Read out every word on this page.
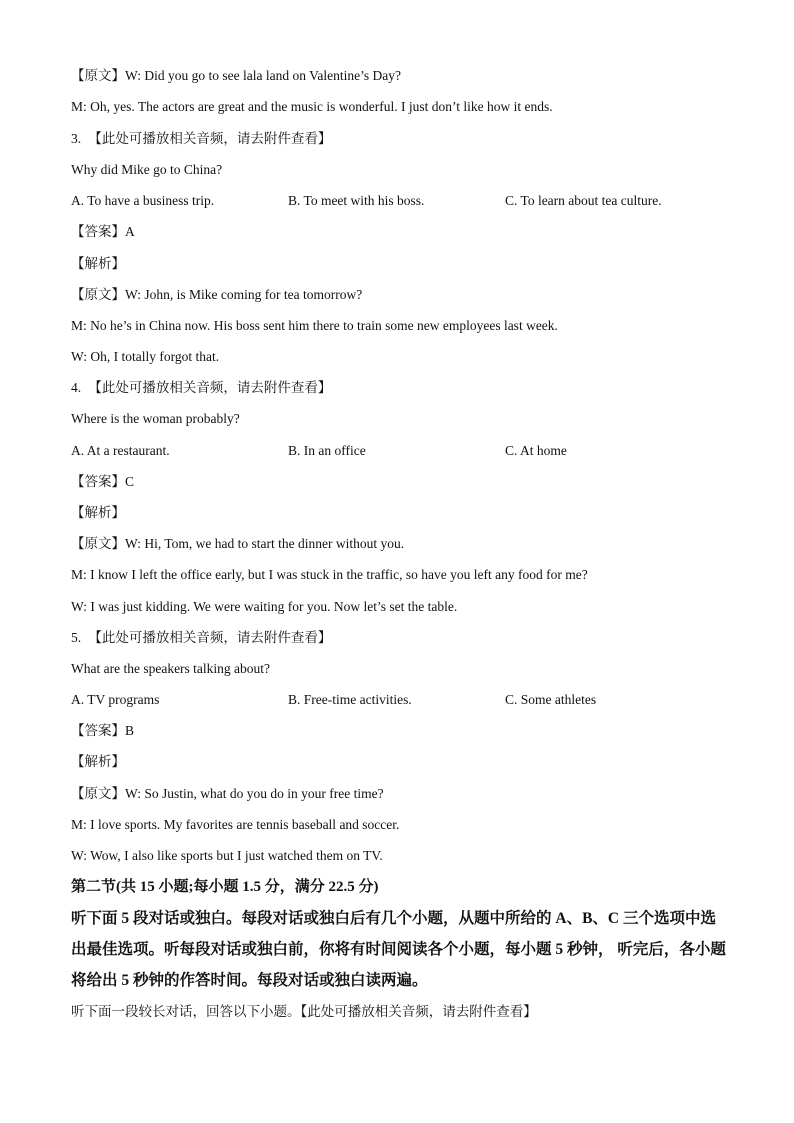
【原文】W: Did you go to see lala land on Valentine’s Day?
M: Oh, yes. The actors are great and the music is wonderful. I just don’t like how it ends.
3. 【此处可播放相关音频，请去附件查看】
Why did Mike go to China?
A. To have a business trip.	B. To meet with his boss.	C. To learn about tea culture.
【答案】A
【解析】
【原文】W: John, is Mike coming for tea tomorrow?
M: No he’s in China now. His boss sent him there to train some new employees last week.
W: Oh, I totally forgot that.
4. 【此处可播放相关音频，请去附件查看】
Where is the woman probably?
A. At a restaurant.	B. In an office	C. At home
【答案】C
【解析】
【原文】W: Hi, Tom, we had to start the dinner without you.
M: I know I left the office early, but I was stuck in the traffic, so have you left any food for me?
W: I was just kidding. We were waiting for you. Now let’s set the table.
5. 【此处可播放相关音频，请去附件查看】
What are the speakers talking about?
A. TV programs	B. Free-time activities.	C. Some athletes
【答案】B
【解析】
【原文】W: So Justin, what do you do in your free time?
M: I love sports. My favorites are tennis baseball and soccer.
W: Wow, I also like sports but I just watched them on TV.
第二节(共 15 小题;每小题 1.5 分，满分 22.5 分)
听下面 5 段对话或独白。每段对话或独白后有几个小题，从题中所给的 A、B、C 三个选项中选出最佳选项。听每段对话或独白前，你将有时间阅读各个小题，每小题 5 秒钟， 听完后，各小题将给出 5 秒钟的作答时间。每段对话或独白读两遍。
听下面一段较长对话，回答以下小题。【此处可播放相关音频，请去附件查看】
